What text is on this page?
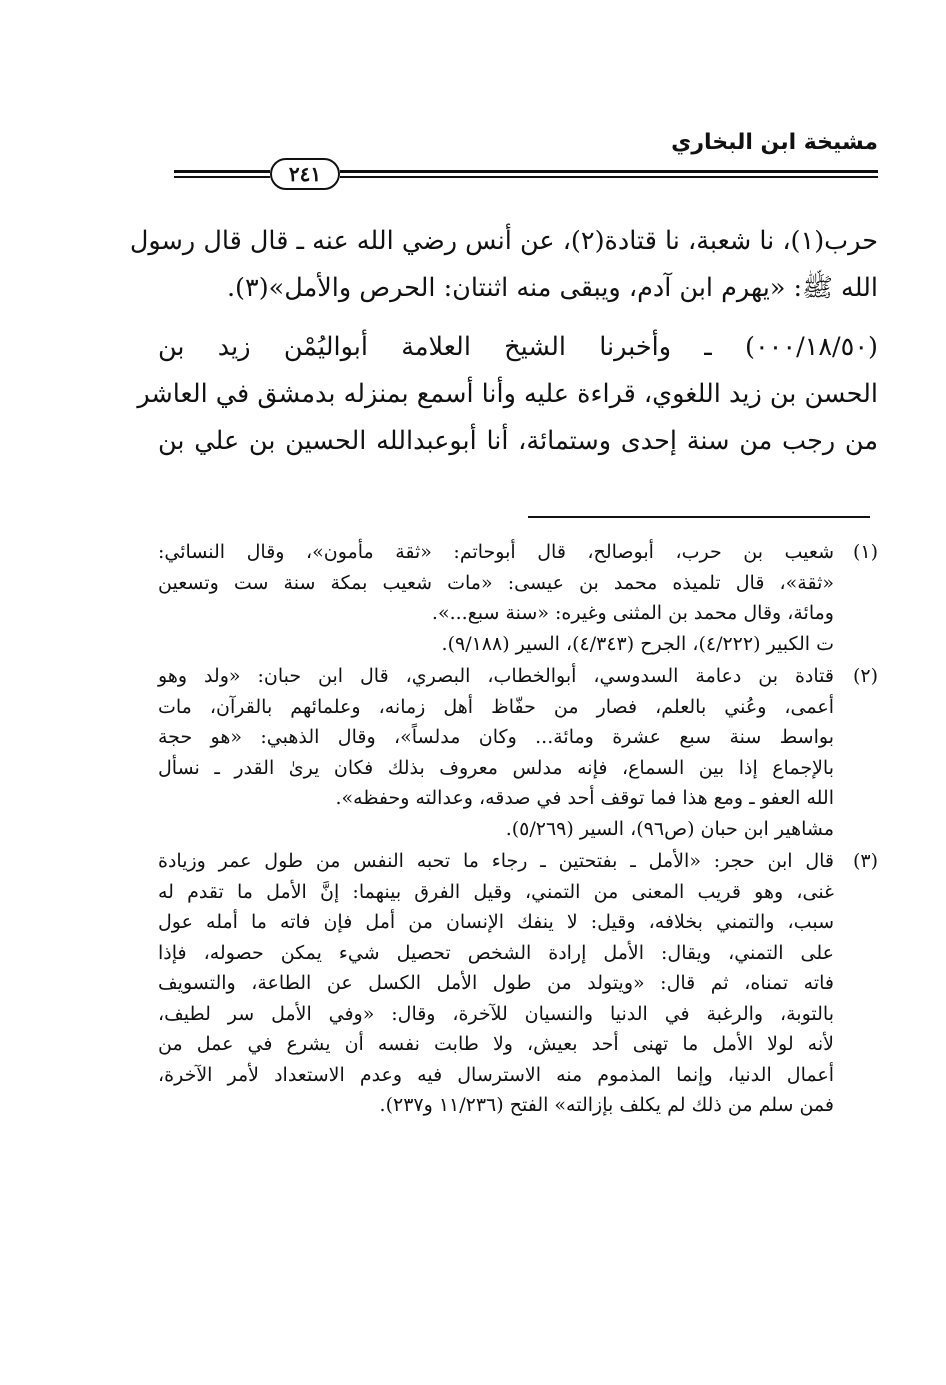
مشيخة ابن البخاري
٢٤١
حرب(١)، نا شعبة، نا قتادة(٢)، عن أنس رضي الله عنه ـ قال قال رسول
الله ﷺ: «يهرم ابن آدم، ويبقى منه اثنتان: الحرص والأمل»(٣).
(٠٠٠/١٨/٥٠) ـ وأخبرنا الشيخ العلامة أبواليُمْن زيد بن
الحسن بن زيد اللغوي، قراءة عليه وأنا أسمع بمنزله بدمشق في العاشر
من رجب من سنة إحدى وستمائة، أنا أبوعبدالله الحسين بن علي بن
(١)
شعيب بن حرب، أبوصالح، قال أبوحاتم: «ثقة مأمون»، وقال النسائي:
«ثقة»، قال تلميذه محمد بن عيسى: «مات شعيب بمكة سنة ست وتسعين
ومائة، وقال محمد بن المثنى وغيره: «سنة سبع...».
ت الكبير (٤/٢٢٢)، الجرح (٤/٣٤٣)، السير (٩/١٨٨).
(٢)
قتادة بن دعامة السدوسي، أبوالخطاب، البصري، قال ابن حبان: «ولد وهو
أعمى، وعُني بالعلم، فصار من حفّاظ أهل زمانه، وعلمائهم بالقرآن، مات
بواسط سنة سبع عشرة ومائة... وكان مدلساً»، وقال الذهبي: «هو حجة
بالإجماع إذا بين السماع، فإنه مدلس معروف بذلك فكان يرىٰ القدر ـ نسأل
الله العفو ـ ومع هذا فما توقف أحد في صدقه، وعدالته وحفظه».
مشاهير ابن حبان (ص٩٦)، السير (٥/٢٦٩).
(٣)
قال ابن حجر: «الأمل ـ بفتحتين ـ رجاء ما تحبه النفس من طول عمر وزيادة
غنى، وهو قريب المعنى من التمني، وقيل الفرق بينهما: إنَّ الأمل ما تقدم له
سبب، والتمني بخلافه، وقيل: لا ينفك الإنسان من أمل فإن فاته ما أمله عول
على التمني، ويقال: الأمل إرادة الشخص تحصيل شيء يمكن حصوله، فإذا
فاته تمناه، ثم قال: «ويتولد من طول الأمل الكسل عن الطاعة، والتسويف
بالتوبة، والرغبة في الدنيا والنسيان للآخرة، وقال: «وفي الأمل سر لطيف،
لأنه لولا الأمل ما تهنى أحد بعيش، ولا طابت نفسه أن يشرع في عمل من
أعمال الدنيا، وإنما المذموم منه الاسترسال فيه وعدم الاستعداد لأمر الآخرة،
فمن سلم من ذلك لم يكلف بإزالته» الفتح (١١/٢٣٦ و٢٣٧).
